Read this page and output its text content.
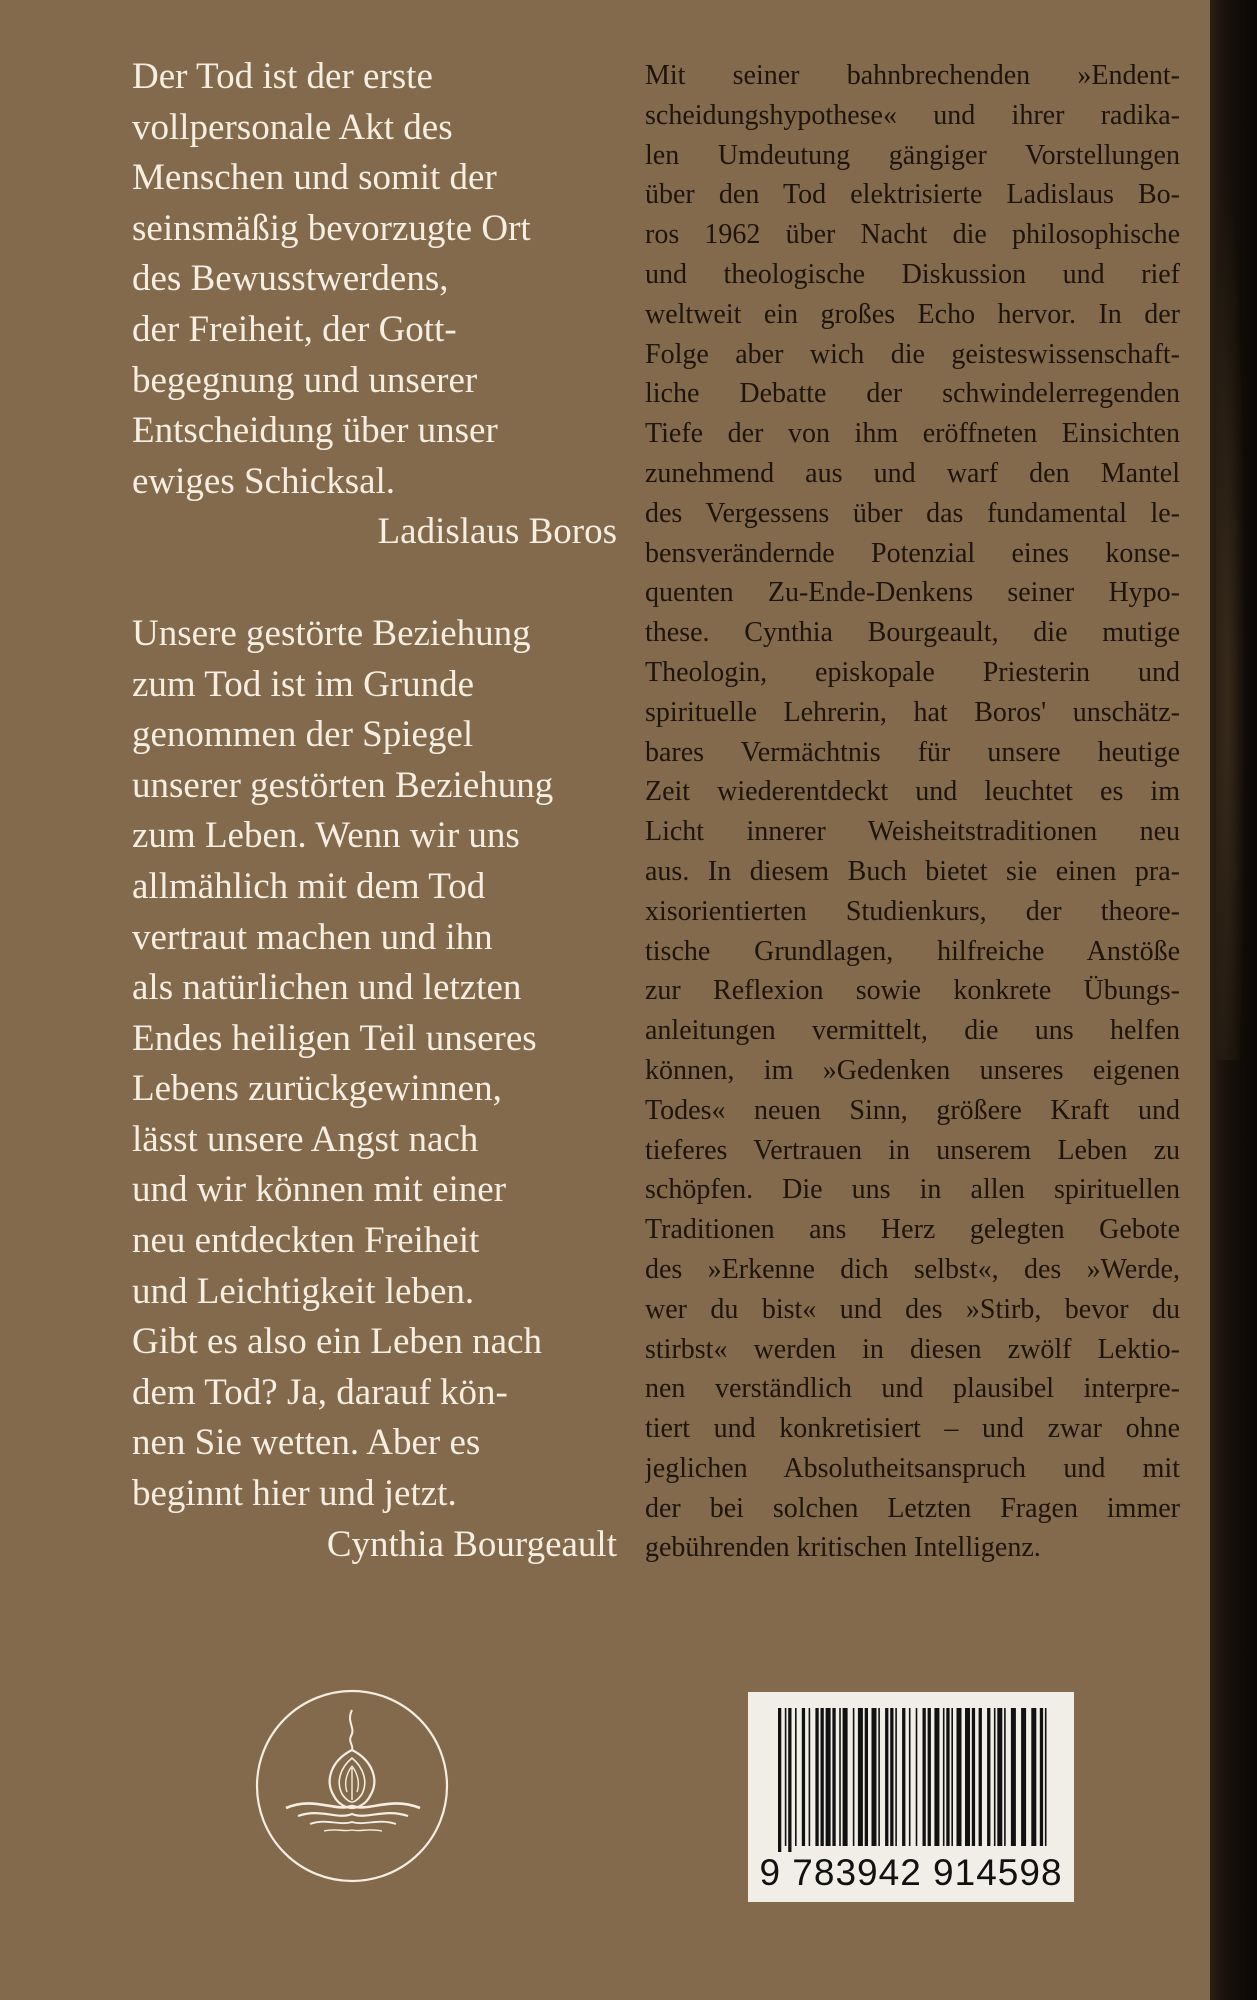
Der Tod ist der erste
vollpersonale Akt des
Menschen und somit der
seinsmäßig bevorzugte Ort
des Bewusstwerdens,
der Freiheit, der Gott-
begegnung und unserer
Entscheidung über unser
ewiges Schicksal.
Ladislaus Boros
Unsere gestörte Beziehung
zum Tod ist im Grunde
genommen der Spiegel
unserer gestörten Beziehung
zum Leben. Wenn wir uns
allmählich mit dem Tod
vertraut machen und ihn
als natürlichen und letzten
Endes heiligen Teil unseres
Lebens zurückgewinnen,
lässt unsere Angst nach
und wir können mit einer
neu entdeckten Freiheit
und Leichtigkeit leben.
Gibt es also ein Leben nach
dem Tod? Ja, darauf kön-
nen Sie wetten. Aber es
beginnt hier und jetzt.
Cynthia Bourgeault
Mit seiner bahnbrechenden »Endent-
scheidungshypothese« und ihrer radika-
len Umdeutung gängiger Vorstellungen
über den Tod elektrisierte Ladislaus Bo-
ros 1962 über Nacht die philosophische
und theologische Diskussion und rief
weltweit ein großes Echo hervor. In der
Folge aber wich die geisteswissenschaft-
liche Debatte der schwindelerregenden
Tiefe der von ihm eröffneten Einsichten
zunehmend aus und warf den Mantel
des Vergessens über das fundamental le-
bensverändernde Potenzial eines konse-
quenten Zu-Ende-Denkens seiner Hypo-
these. Cynthia Bourgeault, die mutige
Theologin, episkopale Priesterin und
spirituelle Lehrerin, hat Boros' unschätz-
bares Vermächtnis für unsere heutige
Zeit wiederentdeckt und leuchtet es im
Licht innerer Weisheitstraditionen neu
aus. In diesem Buch bietet sie einen pra-
xisorientierten Studienkurs, der theore-
tische Grundlagen, hilfreiche Anstöße
zur Reflexion sowie konkrete Übungs-
anleitungen vermittelt, die uns helfen
können, im »Gedenken unseres eigenen
Todes« neuen Sinn, größere Kraft und
tieferes Vertrauen in unserem Leben zu
schöpfen. Die uns in allen spirituellen
Traditionen ans Herz gelegten Gebote
des »Erkenne dich selbst«, des »Werde,
wer du bist« und des »Stirb, bevor du
stirbst« werden in diesen zwölf Lektio-
nen verständlich und plausibel interpre-
tiert und konkretisiert – und zwar ohne
jeglichen Absolutheitsanspruch und mit
der bei solchen Letzten Fragen immer
gebührenden kritischen Intelligenz.
9 783942 914598
